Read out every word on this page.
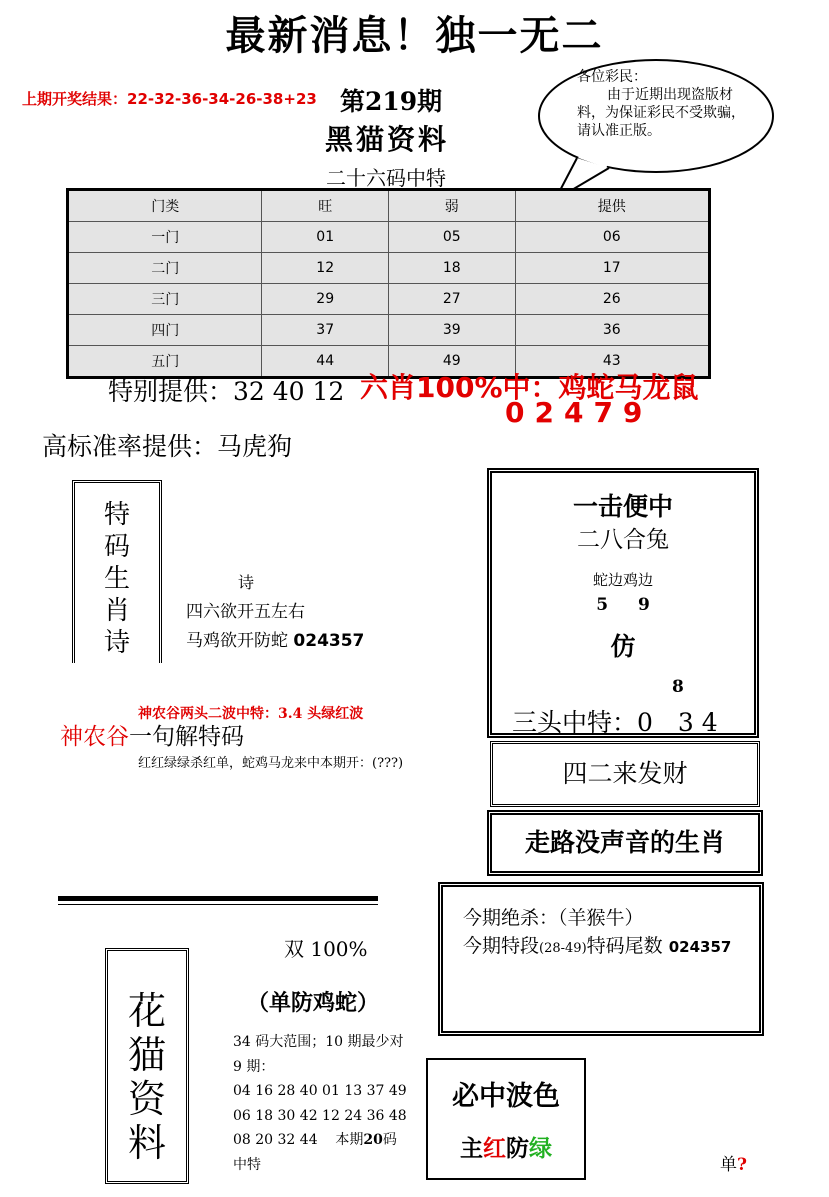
最新消息！独一无二
上期开奖结果：22-32-36-34-26-38+23 第219期
黑猫资料
二十六码中特
各位彩民：
由于近期出现盗版材料，为保证彩民不受欺骗，请认准正版。
门类	旺	弱	提供
一门	01	05	06
二门	12	18	17
三门	29	27	26
四门	37	39	36
五门	44	49	43
特别提供：32 40 12 六肖100%中：鸡蛇马龙鼠
02479
高标准率提供：马虎狗
特
码
生
肖
诗
诗
四六欲开五左右
马鸡欲开防蛇 024357
神农谷两头二波中特：3.4 头绿红波
神农谷一句解特码
红红绿绿杀红单，蛇鸡马龙来中本期开：(???)
一击便中
二八合兔
蛇边鸡边
5 9
仿
8
三头中特：0　3 4
四二来发财
走路没声音的生肖
今期绝杀：（羊猴牛）
今期特段(28-49)特码尾数 024357
双 100%
（单防鸡蛇）
花
猫
资
料
34 码大范围；10 期最少对
9 期：
04 16 28 40 01 13 37 49
06 18 30 42 12 24 36 48
08 20 32 44 本期20码
中特
必中波色
主红防绿
单?
